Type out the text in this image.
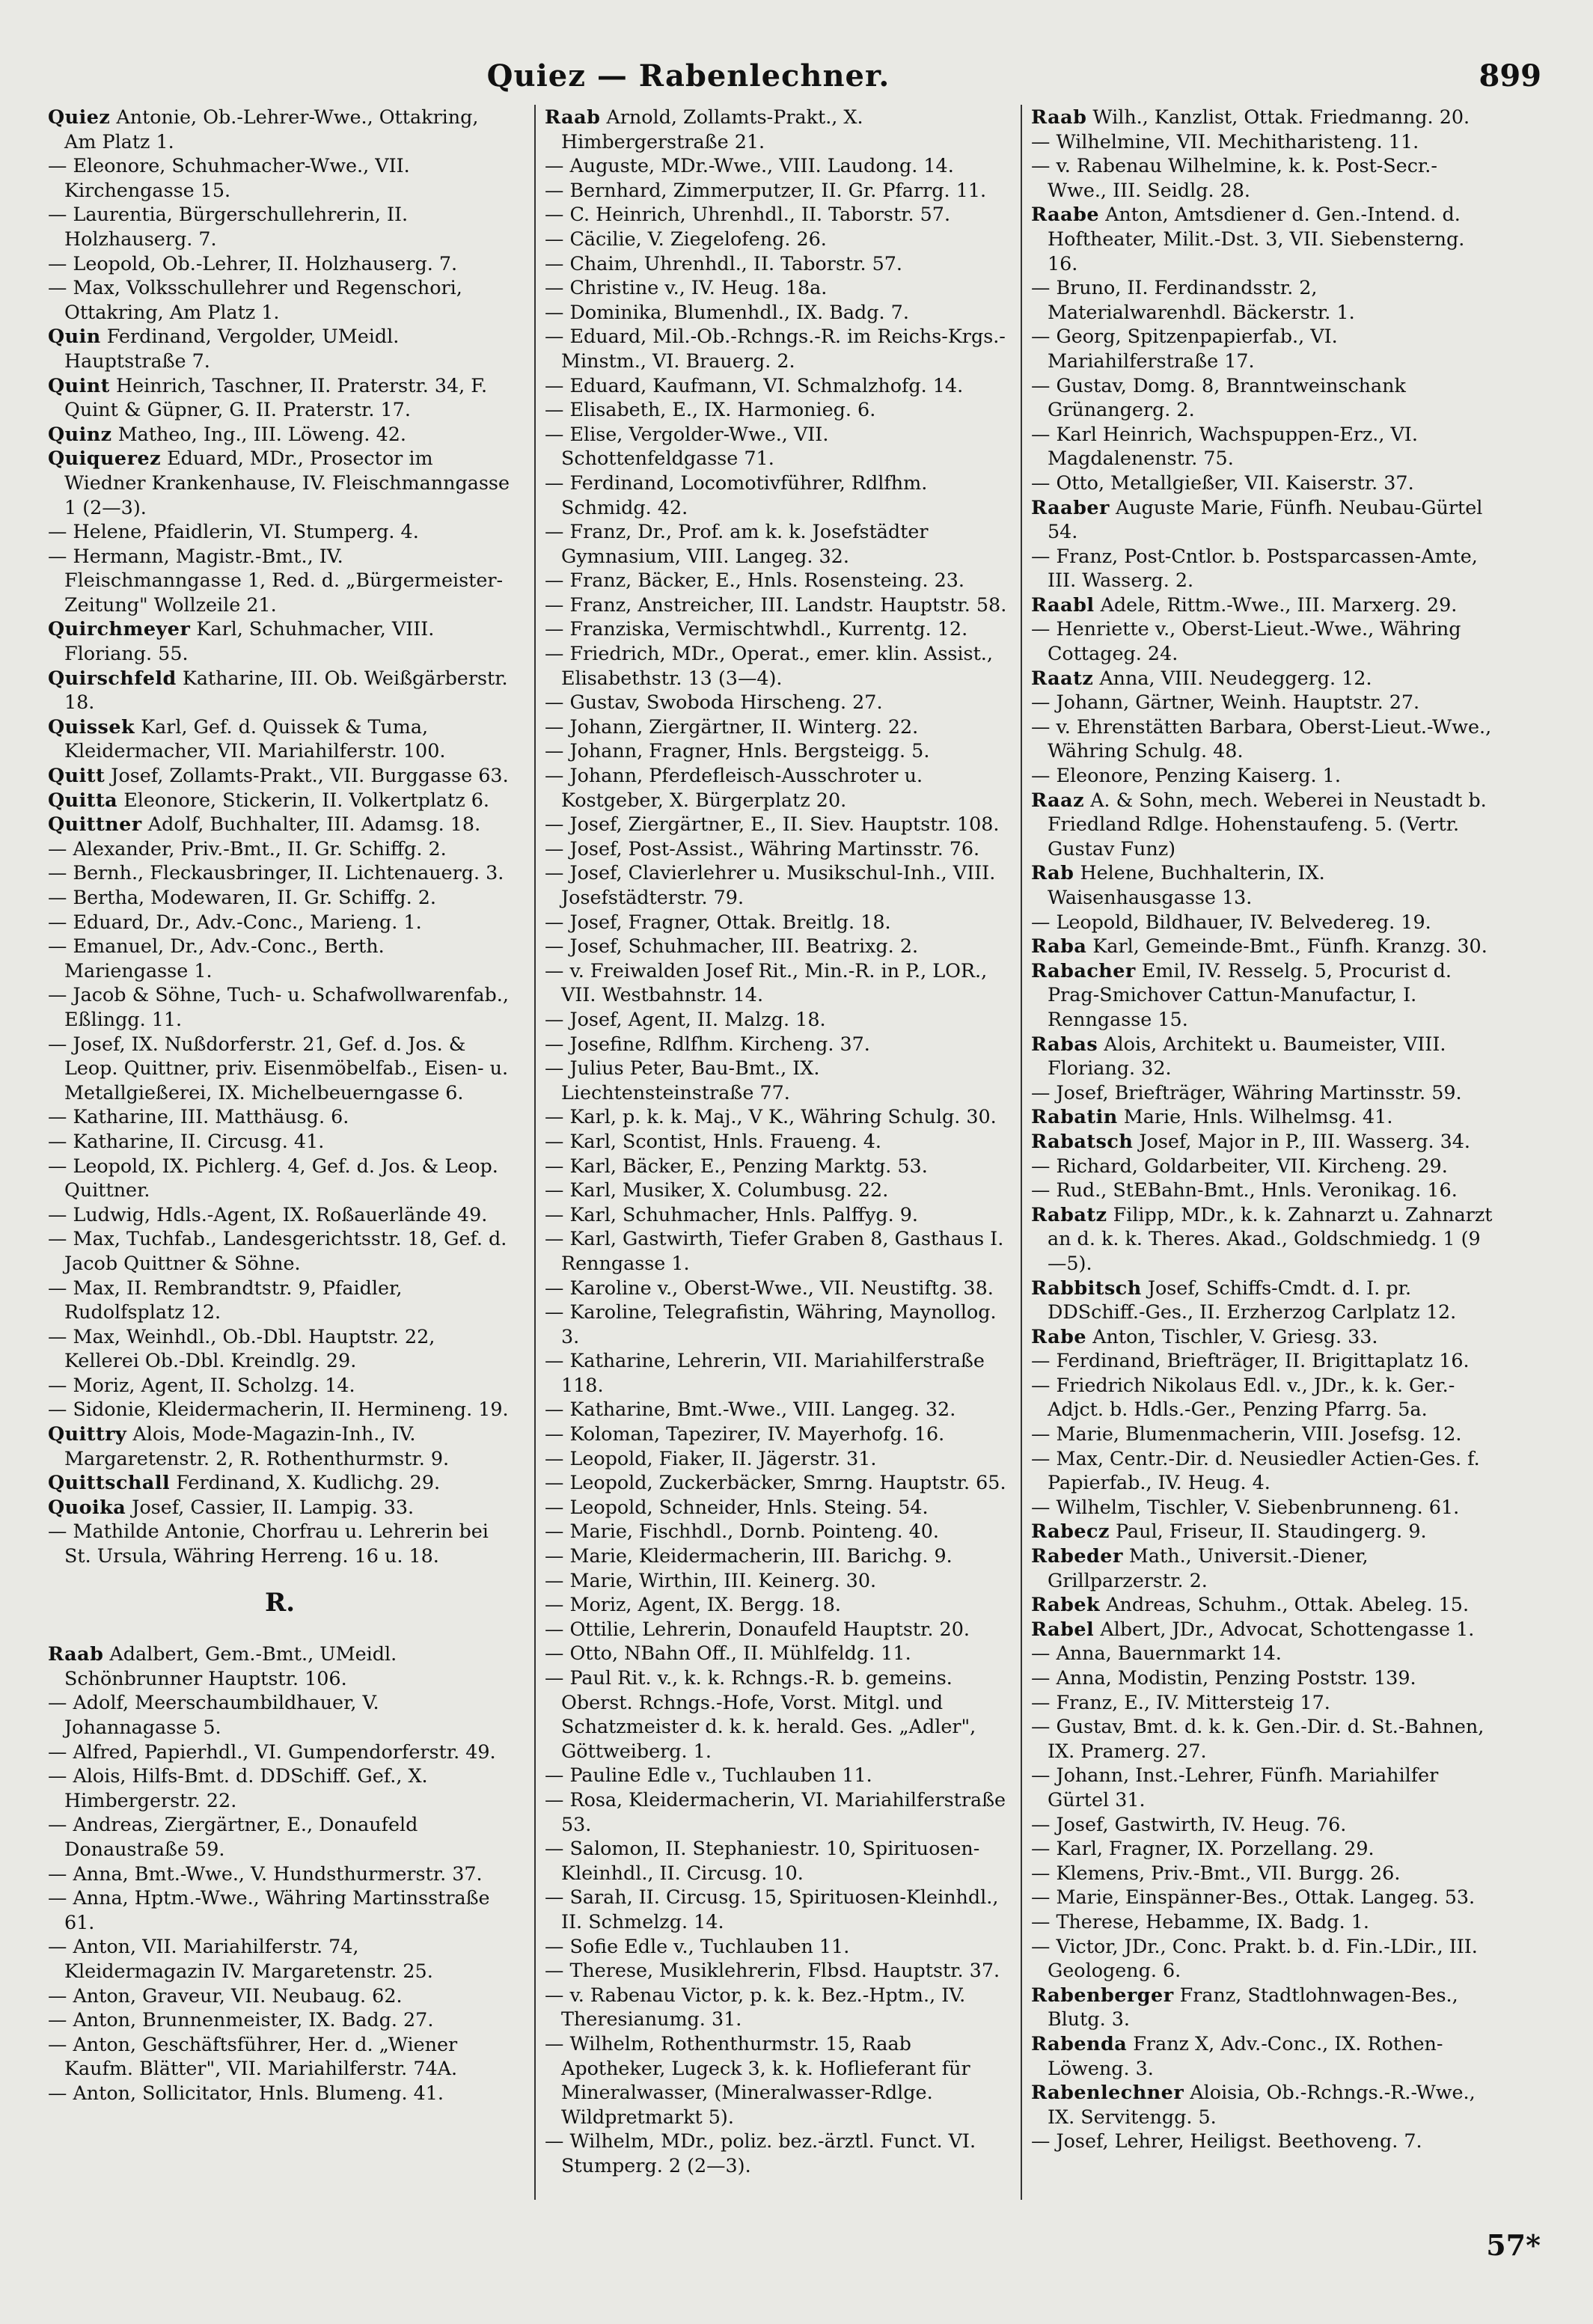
Quiez — Rabenlechner.	899
Quiez Antonie, Ob.-Lehrer-Wwe., Ottakring, Am Platz 1.
— Eleonore, Schuhmacher-Wwe., VII. Kirchengasse 15.
— Laurentia, Bürgerschullehrerin, II. Holzhauserg. 7.
— Leopold, Ob.-Lehrer, II. Holzhauserg. 7.
— Max, Volksschullehrer und Regenschori, Ottakring, Am Platz 1.
Quin Ferdinand, Vergolder, UMeidl. Hauptstraße 7.
Quint Heinrich, Taschner, II. Praterstr. 34, F. Quint & Güpner, G. II. Praterstr. 17.
Quinz Matheo, Ing., III. Löweng. 42.
Quiquerez Eduard, MDr., Prosector im Wiedner Krankenhause, IV. Fleischmanngasse 1 (2—3).
— Helene, Pfaidlerin, VI. Stumperg. 4.
— Hermann, Magistr.-Bmt., IV. Fleischmanngasse 1, Red. d. „Bürgermeister-Zeitung" Wollzeile 21.
Quirchmeyer Karl, Schuhmacher, VIII. Floriang. 55.
Quirschfeld Katharine, III. Ob. Weißgärberstr. 18.
Quissek Karl, Gef. d. Quissek & Tuma, Kleidermacher, VII. Mariahilferstr. 100.
Quitt Josef, Zollamts-Prakt., VII. Burggasse 63.
Quitta Eleonore, Stickerin, II. Volkertplatz 6.
Quittner Adolf, Buchhalter, III. Adamsg. 18.
— Alexander, Priv.-Bmt., II. Gr. Schiffg. 2.
— Bernh., Fleckausbringer, II. Lichtenauerg. 3.
— Bertha, Modewaren, II. Gr. Schiffg. 2.
— Eduard, Dr., Adv.-Conc., Marieng. 1.
— Emanuel, Dr., Adv.-Conc., Berth. Mariengasse 1.
— Jacob & Söhne, Tuch- u. Schafwollwarenfab., Eßlingg. 11.
— Josef, IX. Nußdorferstr. 21, Gef. d. Jos. & Leop. Quittner, priv. Eisenmöbelfab., Eisen- u. Metallgießerei, IX. Michelbeuerngasse 6.
— Katharine, III. Matthäusg. 6.
— Katharine, II. Circusg. 41.
— Leopold, IX. Pichlerg. 4, Gef. d. Jos. & Leop. Quittner.
— Ludwig, Hdls.-Agent, IX. Roßauerlände 49.
— Max, Tuchfab., Landesgerichtsstr. 18, Gef. d. Jacob Quittner & Söhne.
— Max, II. Rembrandtstr. 9, Pfaidler, Rudolfsplatz 12.
— Max, Weinhdl., Ob.-Dbl. Hauptstr. 22, Kellerei Ob.-Dbl. Kreindlg. 29.
— Moriz, Agent, II. Scholzg. 14.
— Sidonie, Kleidermacherin, II. Hermineng. 19.
Quittry Alois, Mode-Magazin-Inh., IV. Margaretenstr. 2, R. Rothenthurmstr. 9.
Quittschall Ferdinand, X. Kudlichg. 29.
Quoika Josef, Cassier, II. Lampig. 33.
— Mathilde Antonie, Chorfrau u. Lehrerin bei St. Ursula, Währing Herreng. 16 u. 18.
R.
Raab Adalbert, Gem.-Bmt., UMeidl. Schönbrunner Hauptstr. 106.
— Adolf, Meerschaumbildhauer, V. Johannagasse 5.
— Alfred, Papierhdl., VI. Gumpendorferstr. 49.
— Alois, Hilfs-Bmt. d. DDSchiff. Gef., X. Himbergerstr. 22.
— Andreas, Ziergärtner, E., Donaufeld Donaustraße 59.
— Anna, Bmt.-Wwe., V. Hundsthurmerstr. 37.
— Anna, Hptm.-Wwe., Währing Martinsstraße 61.
— Anton, VII. Mariahilferstr. 74, Kleidermagazin IV. Margaretenstr. 25.
— Anton, Graveur, VII. Neubaug. 62.
— Anton, Brunnenmeister, IX. Badg. 27.
— Anton, Geschäftsführer, Her. d. „Wiener Kaufm. Blätter", VII. Mariahilferstr. 74A.
— Anton, Sollicitator, Hnls. Blumeng. 41.
Raab Arnold, Zollamts-Prakt., X. Himbergerstraße 21.
— Auguste, MDr.-Wwe., VIII. Laudong. 14.
— Bernhard, Zimmerputzer, II. Gr. Pfarrg. 11.
— C. Heinrich, Uhrenhdl., II. Taborstr. 57.
— Cäcilie, V. Ziegelofeng. 26.
— Chaim, Uhrenhdl., II. Taborstr. 57.
— Christine v., IV. Heug. 18a.
— Dominika, Blumenhdl., IX. Badg. 7.
— Eduard, Mil.-Ob.-Rchngs.-R. im Reichs-Krgs.-Minstm., VI. Brauerg. 2.
— Eduard, Kaufmann, VI. Schmalzhofg. 14.
— Elisabeth, E., IX. Harmonieg. 6.
— Elise, Vergolder-Wwe., VII. Schottenfeldgasse 71.
— Ferdinand, Locomotivführer, Rdlfhm. Schmidg. 42.
— Franz, Dr., Prof. am k. k. Josefstädter Gymnasium, VIII. Langeg. 32.
— Franz, Bäcker, E., Hnls. Rosensteing. 23.
— Franz, Anstreicher, III. Landstr. Hauptstr. 58.
— Franziska, Vermischtwhdl., Kurrentg. 12.
— Friedrich, MDr., Operat., emer. klin. Assist., Elisabethstr. 13 (3—4).
— Gustav, Swoboda Hirscheng. 27.
— Johann, Ziergärtner, II. Winterg. 22.
— Johann, Fragner, Hnls. Bergsteigg. 5.
— Johann, Pferdefleisch-Ausschroter u. Kostgeber, X. Bürgerplatz 20.
— Josef, Ziergärtner, E., II. Siev. Hauptstr. 108.
— Josef, Post-Assist., Währing Martinsstr. 76.
— Josef, Clavierlehrer u. Musikschul-Inh., VIII. Josefstädterstr. 79.
— Josef, Fragner, Ottak. Breitlg. 18.
— Josef, Schuhmacher, III. Beatrixg. 2.
— v. Freiwalden Josef Rit., Min.-R. in P., LOR., VII. Westbahnstr. 14.
— Josef, Agent, II. Malzg. 18.
— Josefine, Rdlfhm. Kircheng. 37.
— Julius Peter, Bau-Bmt., IX. Liechtensteinstraße 77.
— Karl, p. k. k. Maj., V K., Währing Schulg. 30.
— Karl, Scontist, Hnls. Fraueng. 4.
— Karl, Bäcker, E., Penzing Marktg. 53.
— Karl, Musiker, X. Columbusg. 22.
— Karl, Schuhmacher, Hnls. Palffyg. 9.
— Karl, Gastwirth, Tiefer Graben 8, Gasthaus I. Renngasse 1.
— Karoline v., Oberst-Wwe., VII. Neustiftg. 38.
— Karoline, Telegrafistin, Währing, Maynollog. 3.
— Katharine, Lehrerin, VII. Mariahilferstraße 118.
— Katharine, Bmt.-Wwe., VIII. Langeg. 32.
— Koloman, Tapezirer, IV. Mayerhofg. 16.
— Leopold, Fiaker, II. Jägerstr. 31.
— Leopold, Zuckerbäcker, Smrng. Hauptstr. 65.
— Leopold, Schneider, Hnls. Steing. 54.
— Marie, Fischhdl., Dornb. Pointeng. 40.
— Marie, Kleidermacherin, III. Barichg. 9.
— Marie, Wirthin, III. Keinerg. 30.
— Moriz, Agent, IX. Bergg. 18.
— Ottilie, Lehrerin, Donaufeld Hauptstr. 20.
— Otto, NBahn Off., II. Mühlfeldg. 11.
— Paul Rit. v., k. k. Rchngs.-R. b. gemeins. Oberst. Rchngs.-Hofe, Vorst. Mitgl. und Schatzmeister d. k. k. herald. Ges. „Adler", Göttweiberg. 1.
— Pauline Edle v., Tuchlauben 11.
— Rosa, Kleidermacherin, VI. Mariahilferstraße 53.
— Salomon, II. Stephaniestr. 10, Spirituosen-Kleinhdl., II. Circusg. 10.
— Sarah, II. Circusg. 15, Spirituosen-Kleinhdl., II. Schmelzg. 14.
— Sofie Edle v., Tuchlauben 11.
— Therese, Musiklehrerin, Flbsd. Hauptstr. 37.
— v. Rabenau Victor, p. k. k. Bez.-Hptm., IV. Theresianumg. 31.
— Wilhelm, Rothenthurmstr. 15, Raab Apotheker, Lugeck 3, k. k. Hoflieferant für Mineralwasser, (Mineralwasser-Rdlge. Wildpretmarkt 5).
— Wilhelm, MDr., poliz. bez.-ärztl. Funct. VI. Stumperg. 2 (2—3).
Raab Wilh., Kanzlist, Ottak. Friedmanng. 20.
— Wilhelmine, VII. Mechitharisteng. 11.
— v. Rabenau Wilhelmine, k. k. Post-Secr.-Wwe., III. Seidlg. 28.
Raabe Anton, Amtsdiener d. Gen.-Intend. d. Hoftheater, Milit.-Dst. 3, VII. Siebensterng. 16.
— Bruno, II. Ferdinandsstr. 2, Materialwarenhdl. Bäckerstr. 1.
— Georg, Spitzenpapierfab., VI. Mariahilferstraße 17.
— Gustav, Domg. 8, Branntweinschank Grünangerg. 2.
— Karl Heinrich, Wachspuppen-Erz., VI. Magdalenenstr. 75.
— Otto, Metallgießer, VII. Kaiserstr. 37.
Raaber Auguste Marie, Fünfh. Neubau-Gürtel 54.
— Franz, Post-Cntlor. b. Postsparcassen-Amte, III. Wasserg. 2.
Raabl Adele, Rittm.-Wwe., III. Marxerg. 29.
— Henriette v., Oberst-Lieut.-Wwe., Währing Cottageg. 24.
Raatz Anna, VIII. Neudeggerg. 12.
— Johann, Gärtner, Weinh. Hauptstr. 27.
— v. Ehrenstätten Barbara, Oberst-Lieut.-Wwe., Währing Schulg. 48.
— Eleonore, Penzing Kaiserg. 1.
Raaz A. & Sohn, mech. Weberei in Neustadt b. Friedland Rdlge. Hohenstaufeng. 5. (Vertr. Gustav Funz)
Rab Helene, Buchhalterin, IX. Waisenhausgasse 13.
— Leopold, Bildhauer, IV. Belvedereg. 19.
Raba Karl, Gemeinde-Bmt., Fünfh. Kranzg. 30.
Rabacher Emil, IV. Resselg. 5, Procurist d. Prag-Smichover Cattun-Manufactur, I. Renngasse 15.
Rabas Alois, Architekt u. Baumeister, VIII. Floriang. 32.
— Josef, Briefträger, Währing Martinsstr. 59.
Rabatin Marie, Hnls. Wilhelmsg. 41.
Rabatsch Josef, Major in P., III. Wasserg. 34.
— Richard, Goldarbeiter, VII. Kircheng. 29.
— Rud., StEBahn-Bmt., Hnls. Veronikag. 16.
Rabatz Filipp, MDr., k. k. Zahnarzt u. Zahnarzt an d. k. k. Theres. Akad., Goldschmiedg. 1 (9—5).
Rabbitsch Josef, Schiffs-Cmdt. d. I. pr. DDSchiff.-Ges., II. Erzherzog Carlplatz 12.
Rabe Anton, Tischler, V. Griesg. 33.
— Ferdinand, Briefträger, II. Brigittaplatz 16.
— Friedrich Nikolaus Edl. v., JDr., k. k. Ger.-Adjct. b. Hdls.-Ger., Penzing Pfarrg. 5a.
— Marie, Blumenmacherin, VIII. Josefsg. 12.
— Max, Centr.-Dir. d. Neusiedler Actien-Ges. f. Papierfab., IV. Heug. 4.
— Wilhelm, Tischler, V. Siebenbrunneng. 61.
Rabecz Paul, Friseur, II. Staudingerg. 9.
Rabeder Math., Universit.-Diener, Grillparzerstr. 2.
Rabek Andreas, Schuhm., Ottak. Abeleg. 15.
Rabel Albert, JDr., Advocat, Schottengasse 1.
— Anna, Bauernmarkt 14.
— Anna, Modistin, Penzing Poststr. 139.
— Franz, E., IV. Mittersteig 17.
— Gustav, Bmt. d. k. k. Gen.-Dir. d. St.-Bahnen, IX. Pramerg. 27.
— Johann, Inst.-Lehrer, Fünfh. Mariahilfer Gürtel 31.
— Josef, Gastwirth, IV. Heug. 76.
— Karl, Fragner, IX. Porzellang. 29.
— Klemens, Priv.-Bmt., VII. Burgg. 26.
— Marie, Einspänner-Bes., Ottak. Langeg. 53.
— Therese, Hebamme, IX. Badg. 1.
— Victor, JDr., Conc. Prakt. b. d. Fin.-LDir., III. Geologeng. 6.
Rabenberger Franz, Stadtlohnwagen-Bes., Blutg. 3.
Rabenda Franz X, Adv.-Conc., IX. Rothen-Löweng. 3.
Rabenlechner Aloisia, Ob.-Rchngs.-R.-Wwe., IX. Servitengg. 5.
— Josef, Lehrer, Heiligst. Beethoveng. 7.
57*
